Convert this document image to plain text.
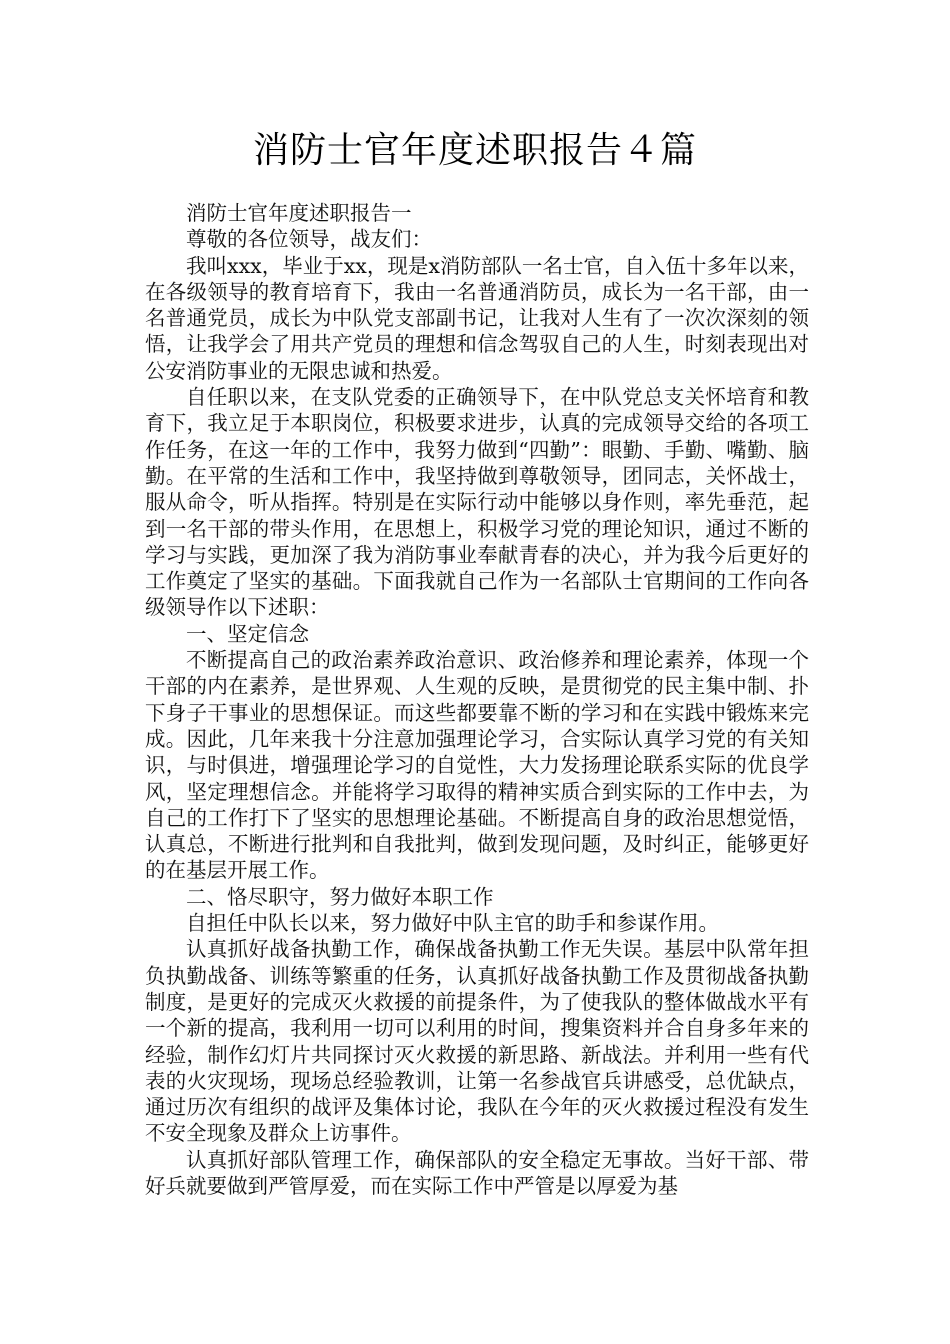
消防士官年度述职报告４篇

消防士官年度述职报告一

尊敬的各位领导，战友们：

我叫xxx，毕业于xx，现是x消防部队一名士官，自入伍十多年以来，在各级领导的教育培育下，我由一名普通消防员，成长为一名干部，由一名普通党员，成长为中队党支部副书记，让我对人生有了一次次深刻的领悟，让我学会了用共产党员的理想和信念驾驭自己的人生，时刻表现出对公安消防事业的无限忠诚和热爱。

自任职以来，在支队党委的正确领导下，在中队党总支关怀培育和教育下，我立足于本职岗位，积极要求进步，认真的完成领导交给的各项工作任务，在这一年的工作中，我努力做到“四勤”：眼勤、手勤、嘴勤、脑勤。在平常的生活和工作中，我坚持做到尊敬领导，团同志，关怀战士，服从命令，听从指挥。特别是在实际行动中能够以身作则，率先垂范，起到一名干部的带头作用，在思想上，积极学习党的理论知识，通过不断的学习与实践，更加深了我为消防事业奉献青春的决心，并为我今后更好的工作奠定了坚实的基础。下面我就自己作为一名部队士官期间的工作向各级领导作以下述职：

一、坚定信念

不断提高自己的政治素养政治意识、政治修养和理论素养，体现一个干部的内在素养，是世界观、人生观的反映，是贯彻党的民主集中制、扑下身子干事业的思想保证。而这些都要靠不断的学习和在实践中锻炼来完成。因此，几年来我十分注意加强理论学习，合实际认真学习党的有关知识，与时俱进，增强理论学习的自觉性，大力发扬理论联系实际的优良学风，坚定理想信念。并能将学习取得的精神实质合到实际的工作中去，为自己的工作打下了坚实的思想理论基础。不断提高自身的政治思想觉悟，认真总，不断进行批判和自我批判，做到发现问题，及时纠正，能够更好的在基层开展工作。

二、恪尽职守，努力做好本职工作

自担任中队长以来，努力做好中队主官的助手和参谋作用。

认真抓好战备执勤工作，确保战备执勤工作无失误。基层中队常年担负执勤战备、训练等繁重的任务，认真抓好战备执勤工作及贯彻战备执勤制度，是更好的完成灭火救援的前提条件，为了使我队的整体做战水平有一个新的提高，我利用一切可以利用的时间，搜集资料并合自身多年来的经验，制作幻灯片共同探讨灭火救援的新思路、新战法。并利用一些有代表的火灾现场，现场总经验教训，让第一名参战官兵讲感受，总优缺点，通过历次有组织的战评及集体讨论，我队在今年的灭火救援过程没有发生不安全现象及群众上访事件。

认真抓好部队管理工作，确保部队的安全稳定无事故。当好干部、带好兵就要做到严管厚爱，而在实际工作中严管是以厚爱为基
